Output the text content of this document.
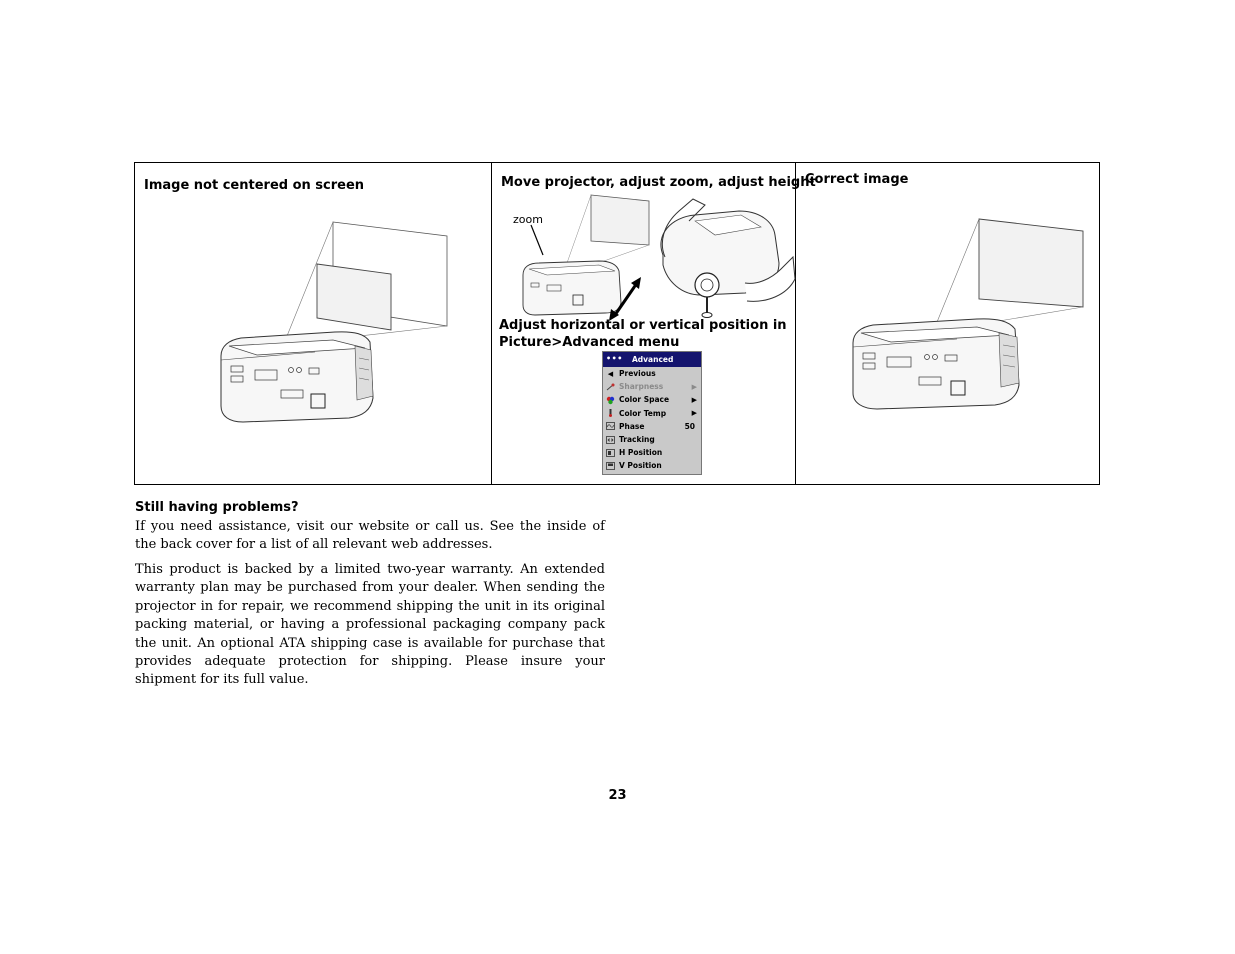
Image not centered on screen	Move projector, adjust zoom, adjust height
zoom
Adjust horizontal or vertical position in
Picture>Advanced menu
••• Advanced
◀ Previous
Sharpness	▶
Color Space	▶
Color Temp	▶
Phase	50
Tracking
H Position
V Position
Correct image
Still having problems?

If you need assistance, visit our website or call us. See the inside of the back cover for a list of all relevant web addresses.

This product is backed by a limited two-year warranty. An extended warranty plan may be purchased from your dealer. When sending the projector in for repair, we recommend shipping the unit in its original packing material, or having a professional packaging company pack the unit. An optional ATA shipping case is available for purchase that provides adequate protection for shipping. Please insure your shipment for its full value.

23
